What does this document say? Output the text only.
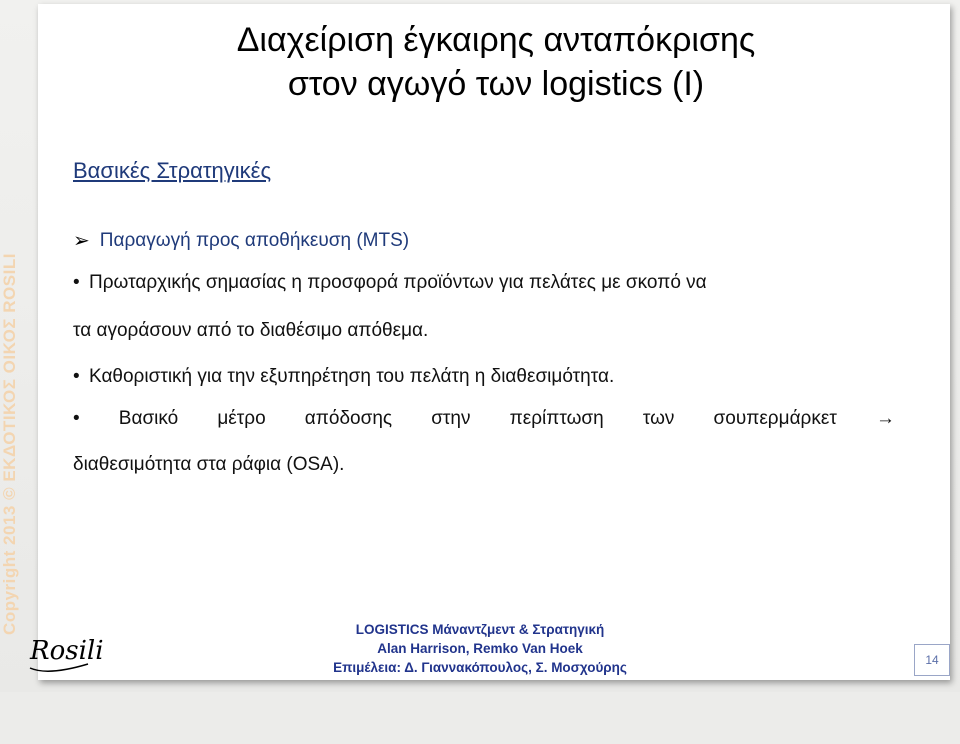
Copyright 2013 © ΕΚΔΟΤΙΚΟΣ ΟΙΚΟΣ ROSILI
Διαχείριση έγκαιρης ανταπόκρισης
στον αγωγό των logistics (I)
Βασικές Στρατηγικές
➢ Παραγωγή προς αποθήκευση (MTS)
• Πρωταρχικής σημασίας η προσφορά προϊόντων για πελάτες με σκοπό να
τα αγοράσουν από το διαθέσιμο απόθεμα.
• Καθοριστική για την εξυπηρέτηση του πελάτη η διαθεσιμότητα.
• Βασικό μέτρο απόδοσης στην περίπτωση των σουπερμάρκετ →
διαθεσιμότητα στα ράφια (OSA).
Rosili
LOGISTICS Μάναντζμεντ & Στρατηγική
Alan Harrison, Remko Van Hoek
Επιμέλεια: Δ. Γιαννακόπουλος, Σ. Μοσχούρης	14
